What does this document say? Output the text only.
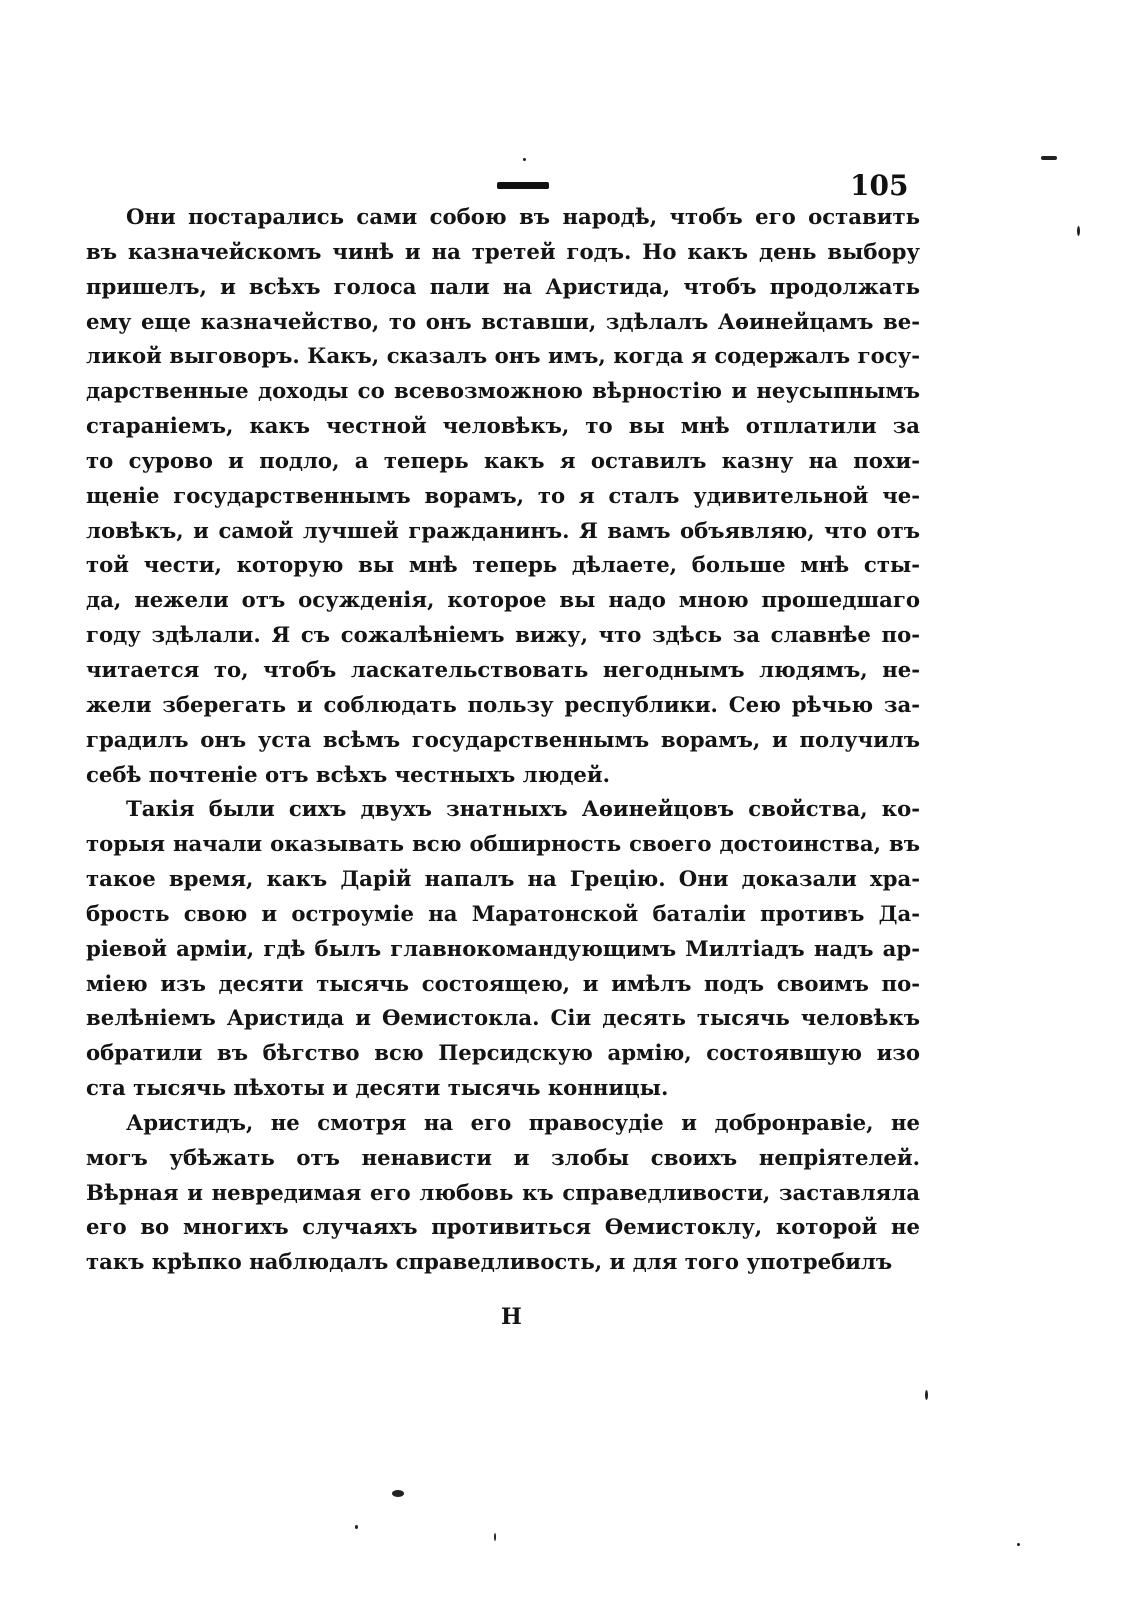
105
Они постарались сами собою въ народѣ, чтобъ его оставить
въ казначейскомъ чинѣ и на третей годъ. Но какъ день выбору
пришелъ, и всѣхъ голоса пали на Аристида, чтобъ продолжать
ему еще казначейство, то онъ вставши, здѣлалъ Аѳинейцамъ ве-
ликой выговоръ. Какъ, сказалъ онъ имъ, когда я содержалъ госу-
дарственные доходы со всевозможною вѣрностію и неусыпнымъ
стараніемъ, какъ честной человѣкъ, то вы мнѣ отплатили за
то сурово и подло, а теперь какъ я оставилъ казну на похи-
щеніе государственнымъ ворамъ, то я сталъ удивительной че-
ловѣкъ, и самой лучшей гражданинъ. Я вамъ объявляю, что отъ
той чести, которую вы мнѣ теперь дѣлаете, больше мнѣ сты-
да, нежели отъ осужденія, которое вы надо мною прошедшаго
году здѣлали. Я съ сожалѣніемъ вижу, что здѣсь за славнѣе по-
читается то, чтобъ ласкательствовать негоднымъ людямъ, не-
жели зберегать и соблюдать пользу республики. Сею рѣчью за-
градилъ онъ уста всѣмъ государственнымъ ворамъ, и получилъ
себѣ почтеніе отъ всѣхъ честныхъ людей.
Такія были сихъ двухъ знатныхъ Аѳинейцовъ свойства, ко-
торыя начали оказывать всю обширность своего достоинства, въ
такое время, какъ Дарій напалъ на Грецію. Они доказали хра-
брость свою и остроуміе на Маратонской баталіи противъ Да-
ріевой арміи, гдѣ былъ главнокомандующимъ Милтіадъ надъ ар-
міею изъ десяти тысячь состоящею, и имѣлъ подъ своимъ по-
велѣніемъ Аристида и Ѳемистокла. Сіи десять тысячь человѣкъ
обратили въ бѣгство всю Персидскую армію, состоявшую изо
ста тысячь пѣхоты и десяти тысячь конницы.
Аристидъ, не смотря на его правосудіе и добронравіе, не
могъ убѣжать отъ ненависти и злобы своихъ непріятелей.
Вѣрная и невредимая его любовь къ справедливости, заставляла
его во многихъ случаяхъ противиться Ѳемистоклу, которой не
такъ крѣпко наблюдалъ справедливость, и для того употребилъ
Н
